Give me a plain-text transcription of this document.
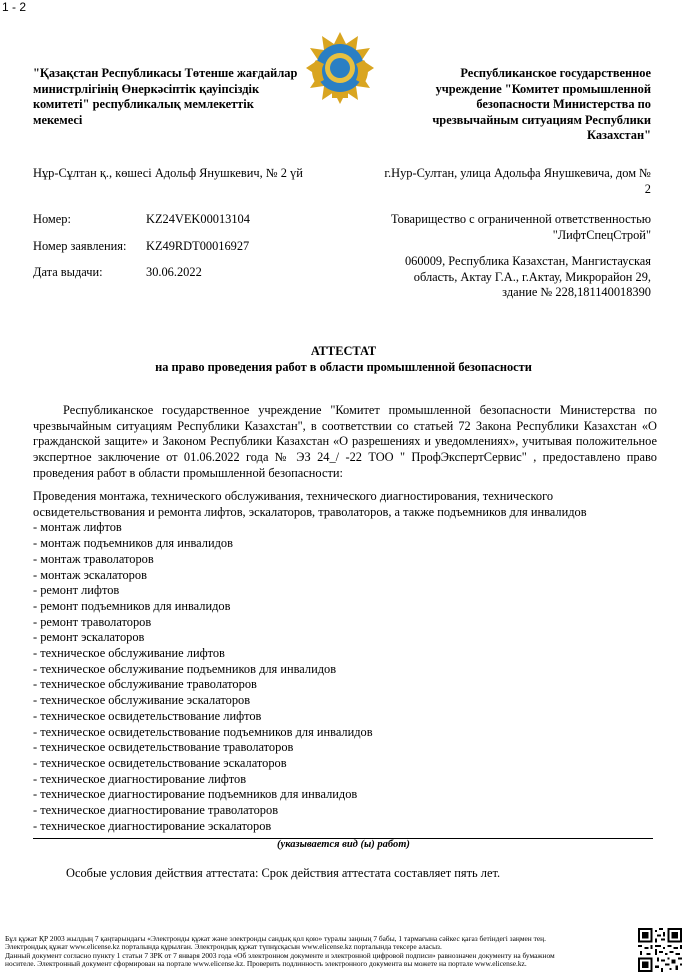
1 - 2
"Қазақстан Республикасы Төтенше жағдайлар министрлігінің Өнеркәсіптік қауіпсіздік комитеті" республикалық мемлекеттік мекемесі
Республиканское государственное учреждение "Комитет промышленной безопасности Министерства по чрезвычайным ситуациям Республики Казахстан"
Нұр-Сұлтан қ., көшесі Адольф Янушкевич, № 2 үй	г.Нур-Султан, улица Адольфа Янушкевича, дом № 2
Номер:	KZ24VEK00013104
Номер заявления: KZ49RDT00016927
Дата выдачи:	30.06.2022
Товарищество с ограниченной ответственностью "ЛифтСпецСтрой"
060009, Республика Казахстан, Мангистауская область, Актау Г.А., г.Актау, Микрорайон 29, здание № 228,181140018390
АТТЕСТАТ
на право проведения работ в области промышленной безопасности
Республиканское государственное учреждение "Комитет промышленной безопасности Министерства по чрезвычайным ситуациям Республики Казахстан", в соответствии со статьей 72 Закона Республики Казахстан «О гражданской защите» и Законом Республики Казахстан «О разрешениях и уведомлениях», учитывая положительное экспертное заключение от 01.06.2022 года № ЭЗ 24_/ -22 ТОО " ПрофЭкспертСервис" , предоставлено право проведения работ в области промышленной безопасности:
Проведения монтажа, технического обслуживания, технического диагностирования, технического освидетельствования и ремонта лифтов, эскалаторов, траволаторов, а также подъемников для инвалидов
- монтаж лифтов
- монтаж подъемников для инвалидов
- монтаж траволаторов
- монтаж эскалаторов
- ремонт лифтов
- ремонт подъемников для инвалидов
- ремонт траволаторов
- ремонт эскалаторов
- техническое обслуживание лифтов
- техническое обслуживание подъемников для инвалидов
- техническое обслуживание траволаторов
- техническое обслуживание эскалаторов
- техническое освидетельствование лифтов
- техническое освидетельствование подъемников для инвалидов
- техническое освидетельствование траволаторов
- техническое освидетельствование эскалаторов
- техническое диагностирование лифтов
- техническое диагностирование подъемников для инвалидов
- техническое диагностирование траволаторов
- техническое диагностирование эскалаторов
(указывается вид (ы) работ)
Особые условия действия аттестата: Срок действия аттестата составляет пять лет.
Бұл құжат ҚР 2003 жылдың 7 қаңтарындағы «Электронды құжат және электронды сандық қол қою» туралы заңның 7 бабы, 1 тармағына сәйкес қағаз бетіндегі заңмен тең.
Электрондық құжат www.elicense.kz порталында құрылған. Электрондық құжат түпнұсқасын www.elicense.kz порталында тексере аласыз.
Данный документ согласно пункту 1 статьи 7 ЗРК от 7 января 2003 года «Об электронном документе и электронной цифровой подписи» равнозначен документу на бумажном
носителе. Электронный документ сформирован на портале www.elicense.kz. Проверить подлинность электронного документа вы можете на портале www.elicense.kz.
